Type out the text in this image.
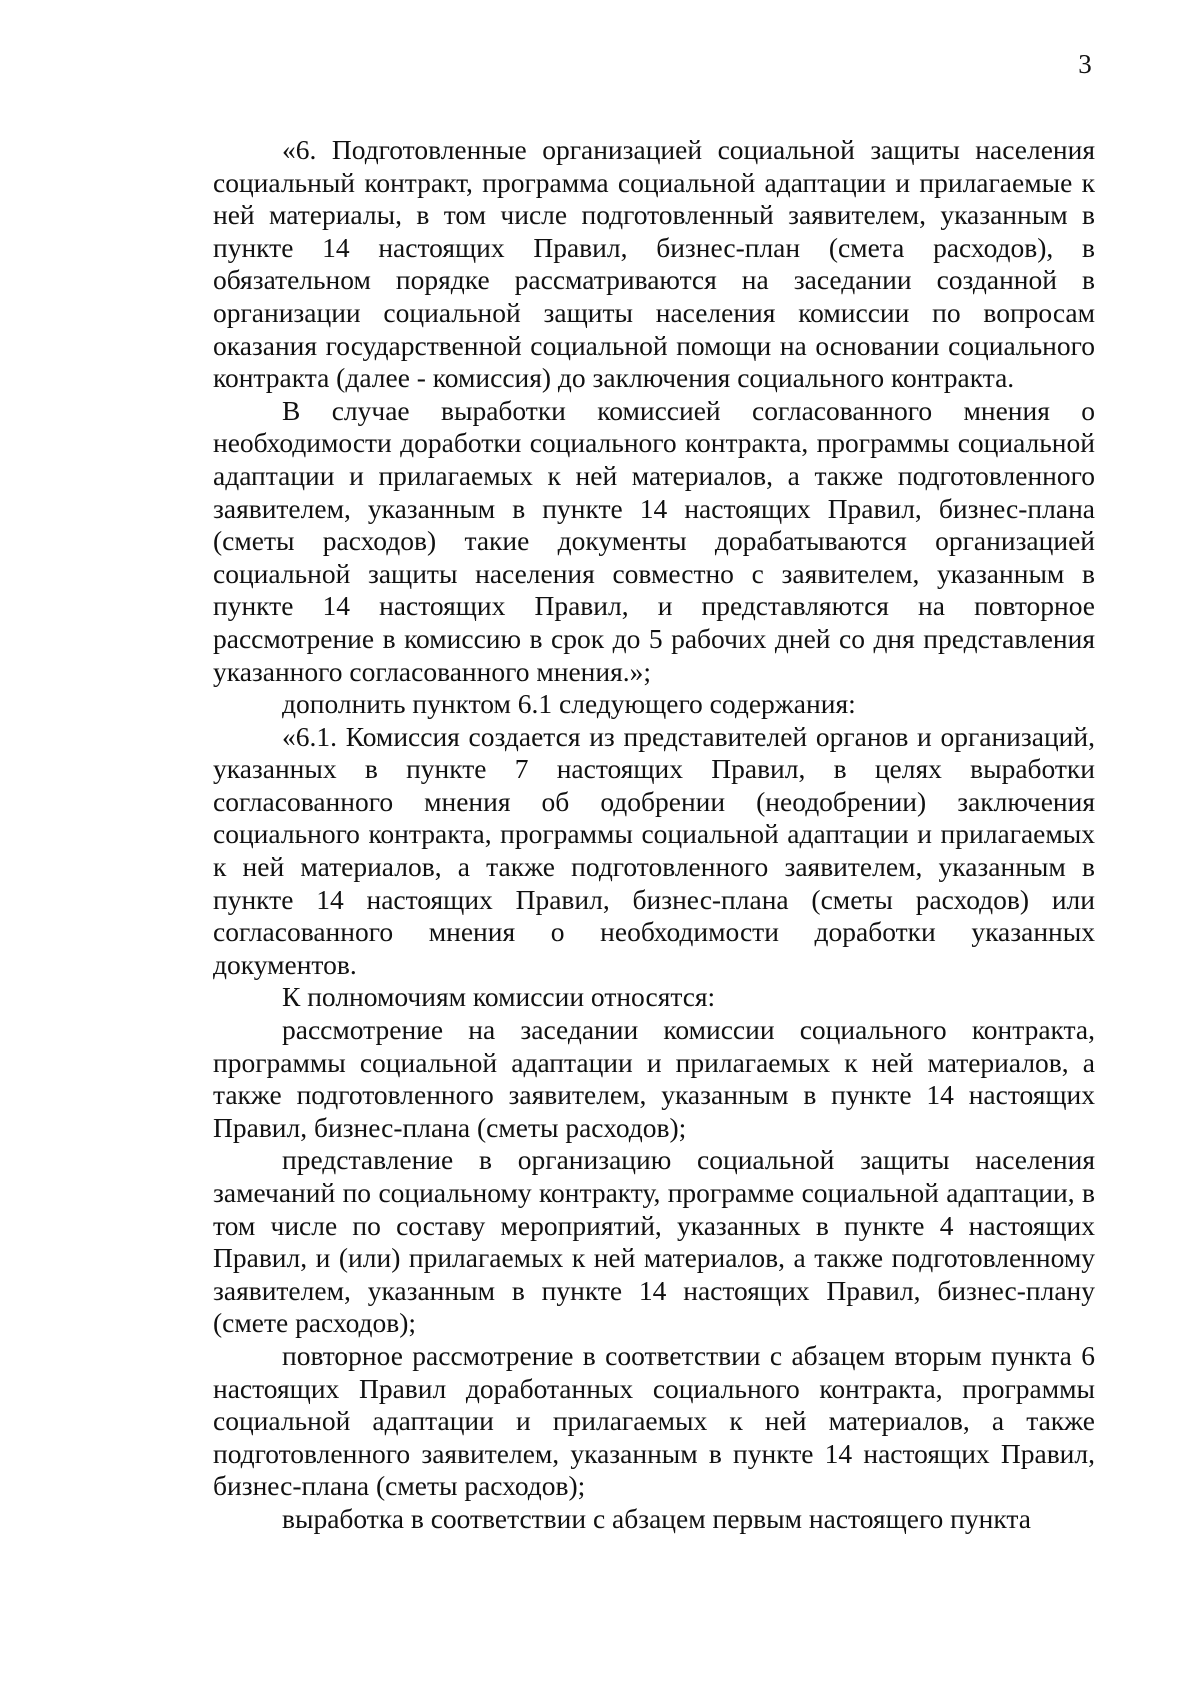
3

«6. Подготовленные организацией социальной защиты населения социальный контракт, программа социальной адаптации и прилагаемые к ней материалы, в том числе подготовленный заявителем, указанным в пункте 14 настоящих Правил, бизнес-план (смета расходов), в обязательном порядке рассматриваются на заседании созданной в организации социальной защиты населения комиссии по вопросам оказания государственной социальной помощи на основании социального контракта (далее - комиссия) до заключения социального контракта.

В случае выработки комиссией согласованного мнения о необходимости доработки социального контракта, программы социальной адаптации и прилагаемых к ней материалов, а также подготовленного заявителем, указанным в пункте 14 настоящих Правил, бизнес-плана (сметы расходов) такие документы дорабатываются организацией социальной защиты населения совместно с заявителем, указанным в пункте 14 настоящих Правил, и представляются на повторное рассмотрение в комиссию в срок до 5 рабочих дней со дня представления указанного согласованного мнения.»;

дополнить пунктом 6.1 следующего содержания:

«6.1. Комиссия создается из представителей органов и организаций, указанных в пункте 7 настоящих Правил, в целях выработки согласованного мнения об одобрении (неодобрении) заключения социального контракта, программы социальной адаптации и прилагаемых к ней материалов, а также подготовленного заявителем, указанным в пункте 14 настоящих Правил, бизнес-плана (сметы расходов) или согласованного мнения о необходимости доработки указанных документов.

К полномочиям комиссии относятся:

рассмотрение на заседании комиссии социального контракта, программы социальной адаптации и прилагаемых к ней материалов, а также подготовленного заявителем, указанным в пункте 14 настоящих Правил, бизнес-плана (сметы расходов);

представление в организацию социальной защиты населения замечаний по социальному контракту, программе социальной адаптации, в том числе по составу мероприятий, указанных в пункте 4 настоящих Правил, и (или) прилагаемых к ней материалов, а также подготовленному заявителем, указанным в пункте 14 настоящих Правил, бизнес-плану (смете расходов);

повторное рассмотрение в соответствии с абзацем вторым пункта 6 настоящих Правил доработанных социального контракта, программы социальной адаптации и прилагаемых к ней материалов, а также подготовленного заявителем, указанным в пункте 14 настоящих Правил, бизнес-плана (сметы расходов);

выработка в соответствии с абзацем первым настоящего пункта
